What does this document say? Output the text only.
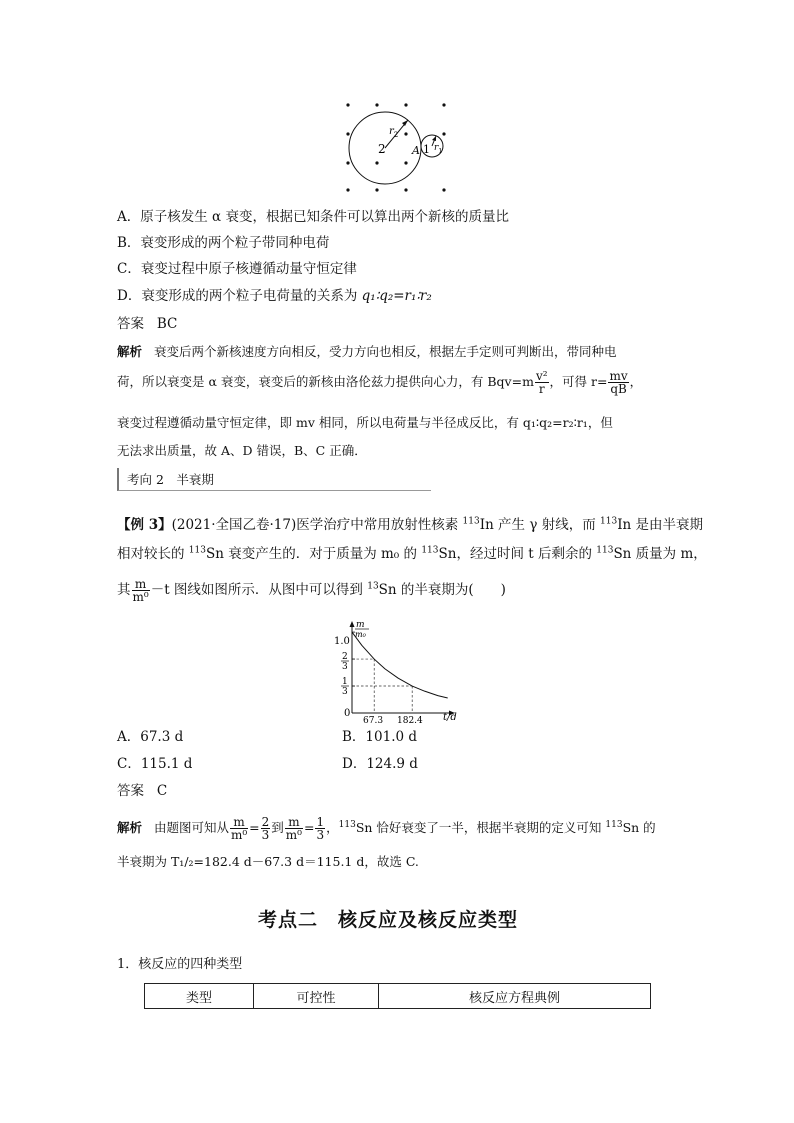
2 A 1
$r_2$
$r_1$
A．原子核发生 α 衰变，根据已知条件可以算出两个新核的质量比
B．衰变形成的两个粒子带同种电荷
C．衰变过程中原子核遵循动量守恒定律
D．衰变形成的两个粒子电荷量的关系为 q₁∶q₂=r₁∶r₂
答案 BC
解析 衰变后两个新核速度方向相反，受力方向也相反，根据左手定则可判断出，带同种电
荷，所以衰变是 α 衰变，衰变后的新核由洛伦兹力提供向心力，有 $Bqv=m \frac{\text{v²}}{r}$ ，可得 $r= \frac{mv}{qB}$ ，
衰变过程遵循动量守恒定律，即 mv 相同，所以电荷量与半径成反比，有 q₁∶q₂=r₂∶r₁，但
无法求出质量，故 A、D 错误，B、C 正确．
考向 2　半衰期
【例 3】(2021·全国乙卷·17)医学治疗中常用放射性核素 $^{113}$In 产生 γ 射线，而 $^{113}$In 是由半衰期
相对较长的 $^{113}$Sn 衰变产生的．对于质量为 m₀ 的 $^{113}$Sn，经过时间 t 后剩余的 $^{113}$Sn 质量为 m，
其 $\frac{m}{\text{m⁰}} -t$ 图线如图所示．从图中可以得到 $^{13}$Sn 的半衰期为(　　)
m
m₀
t/d
0
1.0
2
3
1
3
67.3 182.4
A．67.3 d	B．101.0 d
C．115.1 d	D．124.9 d
答案 C
解析 由题图可知从 $\frac{m}{\text{m⁰}} = \frac{2}{3}$ 到 $\frac{m}{\text{m⁰}} = \frac{1}{3}$ ，$^{113}$Sn 恰好衰变了一半，根据半衰期的定义可知 $^{113}$Sn 的
半衰期为 T₁/₂=182.4 d－67.3 d＝115.1 d，故选 C.
考点二　核反应及核反应类型
1．核反应的四种类型
类型	可控性	核反应方程典例
